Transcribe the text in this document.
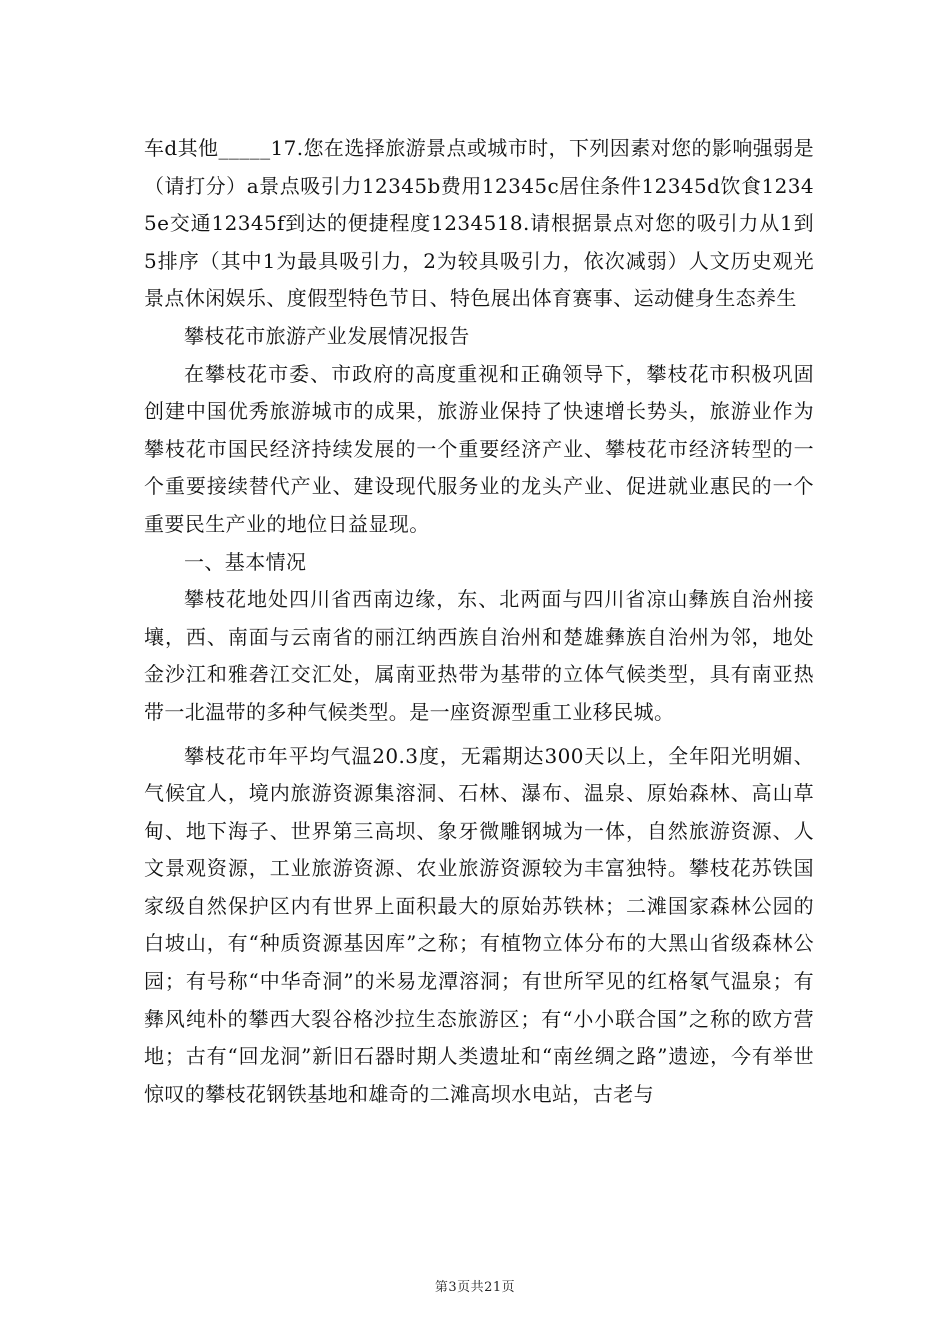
车d其他_____17.您在选择旅游景点或城市时，下列因素对您的影响强弱是（请打分）a景点吸引力12345b费用12345c居住条件12345d饮食12345e交通12345f到达的便捷程度1234518.请根据景点对您的吸引力从1到5排序（其中1为最具吸引力，2为较具吸引力，依次减弱）人文历史观光景点休闲娱乐、度假型特色节日、特色展出体育赛事、运动健身生态养生

攀枝花市旅游产业发展情况报告

在攀枝花市委、市政府的高度重视和正确领导下，攀枝花市积极巩固创建中国优秀旅游城市的成果，旅游业保持了快速增长势头，旅游业作为攀枝花市国民经济持续发展的一个重要经济产业、攀枝花市经济转型的一个重要接续替代产业、建设现代服务业的龙头产业、促进就业惠民的一个重要民生产业的地位日益显现。

一、基本情况

攀枝花地处四川省西南边缘，东、北两面与四川省凉山彝族自治州接壤，西、南面与云南省的丽江纳西族自治州和楚雄彝族自治州为邻，地处金沙江和雅砻江交汇处，属南亚热带为基带的立体气候类型，具有南亚热带一北温带的多种气候类型。是一座资源型重工业移民城。

攀枝花市年平均气温20.3度，无霜期达300天以上，全年阳光明媚、气候宜人，境内旅游资源集溶洞、石林、瀑布、温泉、原始森林、高山草甸、地下海子、世界第三高坝、象牙微雕钢城为一体，自然旅游资源、人文景观资源，工业旅游资源、农业旅游资源较为丰富独特。攀枝花苏铁国家级自然保护区内有世界上面积最大的原始苏铁林；二滩国家森林公园的白坡山，有“种质资源基因库”之称；有植物立体分布的大黑山省级森林公园；有号称“中华奇洞”的米易龙潭溶洞；有世所罕见的红格氡气温泉；有彝风纯朴的攀西大裂谷格沙拉生态旅游区；有“小小联合国”之称的欧方营地；古有“回龙洞”新旧石器时期人类遗址和“南丝绸之路”遗迹，今有举世惊叹的攀枝花钢铁基地和雄奇的二滩高坝水电站，古老与

第3页共21页
